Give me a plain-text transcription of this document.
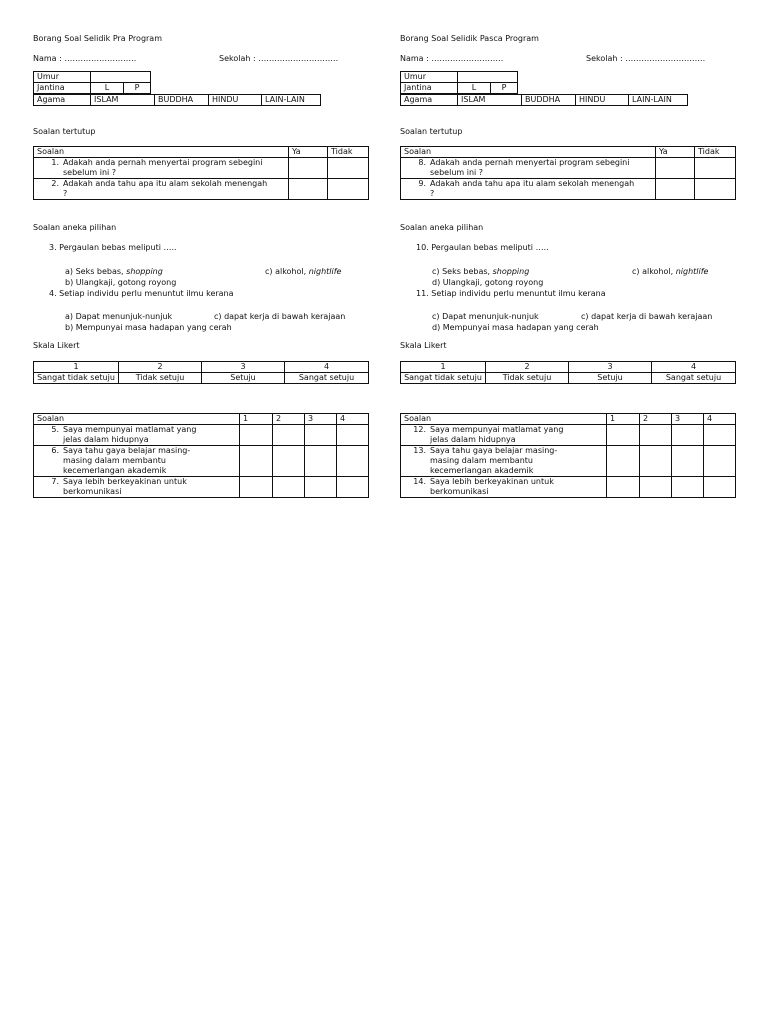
Borang Soal Selidik Pra Program
Nama : ………………………	Sekolah : …………………………
Umur		
Jantina	L	P
Agama	ISLAM	BUDDHA	HINDU	LAIN-LAIN
Soalan tertutup
Soalan	Ya	Tidak
1. Adakah anda pernah menyertai program sebegini sebelum ini ?		
2. Adakah anda tahu apa itu alam sekolah menengah ?		
Soalan aneka pilihan
3. Pergaulan bebas meliputi …..
a) Seks bebas, shopping	c) alkohol, nightlife
b) Ulangkaji, gotong royong
4. Setiap individu perlu menuntut ilmu kerana
a) Dapat menunjuk-nunjuk	c) dapat kerja di bawah kerajaan
b) Mempunyai masa hadapan yang cerah
Skala Likert
1	2	3	4
Sangat tidak setuju	Tidak setuju	Setuju	Sangat setuju
Soalan	1	2	3	4
5. Saya mempunyai matlamat yang jelas dalam hidupnya				
6. Saya tahu gaya belajar masing-masing dalam membantu kecemerlangan akademik				
7. Saya lebih berkeyakinan untuk berkomunikasi				
Borang Soal Selidik Pasca Program
Nama : ………………………	Sekolah : …………………………
Umur		
Jantina	L	P
Agama	ISLAM	BUDDHA	HINDU	LAIN-LAIN
Soalan tertutup
Soalan	Ya	Tidak
8. Adakah anda pernah menyertai program sebegini sebelum ini ?		
9. Adakah anda tahu apa itu alam sekolah menengah ?		
Soalan aneka pilihan
10. Pergaulan bebas meliputi …..
c) Seks bebas, shopping	c) alkohol, nightlife
d) Ulangkaji, gotong royong
11. Setiap individu perlu menuntut ilmu kerana
c) Dapat menunjuk-nunjuk	c) dapat kerja di bawah kerajaan
d) Mempunyai masa hadapan yang cerah
Skala Likert
1	2	3	4
Sangat tidak setuju	Tidak setuju	Setuju	Sangat setuju
Soalan	1	2	3	4
12. Saya mempunyai matlamat yang jelas dalam hidupnya				
13. Saya tahu gaya belajar masing-masing dalam membantu kecemerlangan akademik				
14. Saya lebih berkeyakinan untuk berkomunikasi				
